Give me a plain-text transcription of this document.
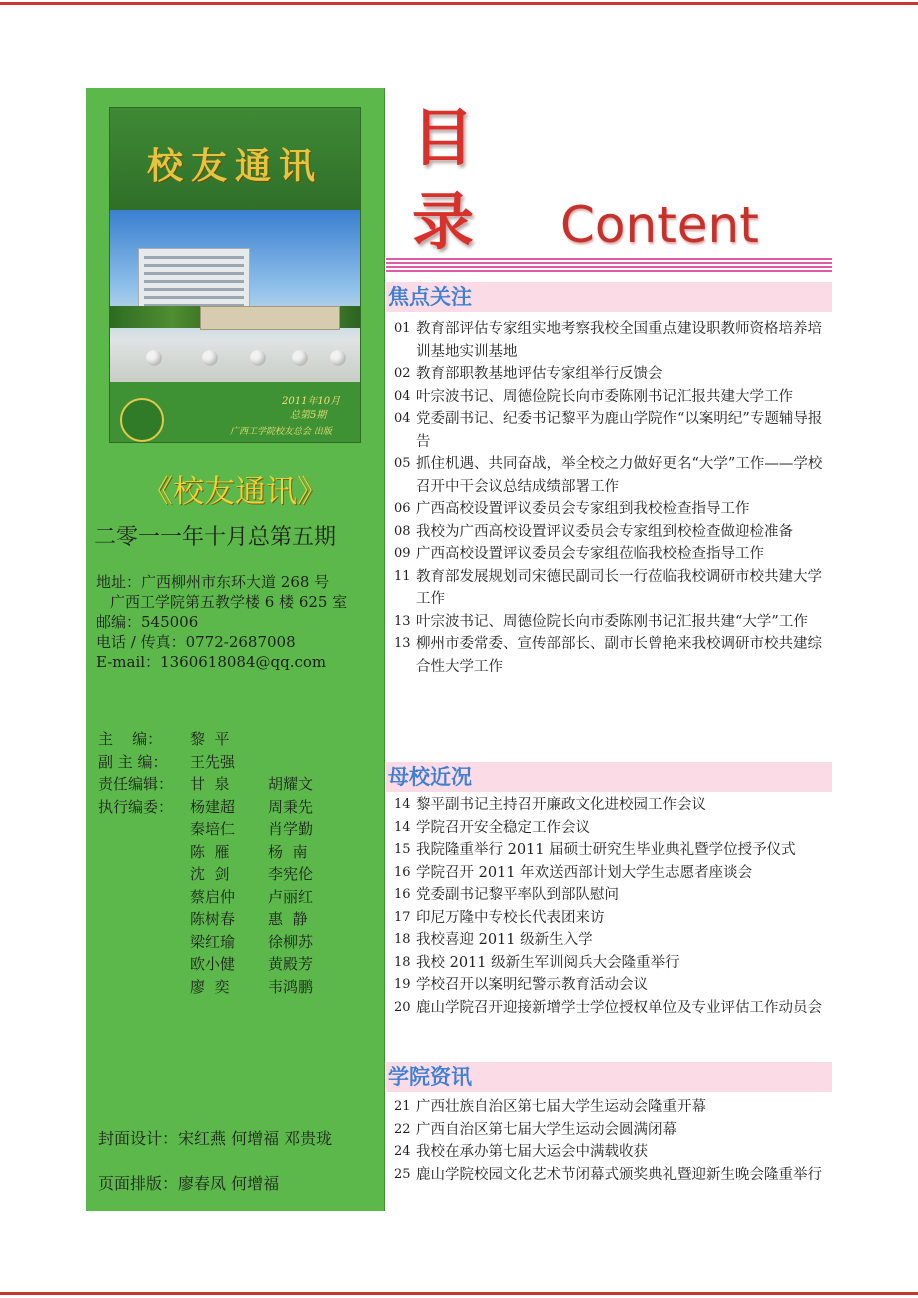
校友通讯
2011年10月
总第5期
广西工学院校友总会 出版
《校友通讯》
二零一一年十月总第五期
地址：广西柳州市东环大道 268 号
广西工学院第五教学楼 6 楼 625 室
邮编：545006
电话 / 传真：0772-2687008
E-mail：1360618084@qq.com
主    编：	黎  平
副 主 编：	王先强
责任编辑：	甘  泉	胡耀文
执行编委：	杨建超	周秉先
秦培仁	肖学勤
陈  雁	杨  南
沈  剑	李宪伦
蔡启仲	卢丽红
陈树春	惠  静
梁红瑜	徐柳苏
欧小健	黄殿芳
廖  奕	韦鸿鹏
封面设计：宋红燕 何增福 邓贵珑
页面排版：廖春凤 何增福
目
录	Content
焦点关注
01 教育部评估专家组实地考察我校全国重点建设职教师资格培养培训基地实训基地
02 教育部职教基地评估专家组举行反馈会
04 叶宗波书记、周德俭院长向市委陈刚书记汇报共建大学工作
04 党委副书记、纪委书记黎平为鹿山学院作“以案明纪”专题辅导报告
05 抓住机遇、共同奋战，举全校之力做好更名“大学”工作——学校召开中干会议总结成绩部署工作
06 广西高校设置评议委员会专家组到我校检查指导工作
08 我校为广西高校设置评议委员会专家组到校检查做迎检准备
09 广西高校设置评议委员会专家组莅临我校检查指导工作
11 教育部发展规划司宋德民副司长一行莅临我校调研市校共建大学工作
13 叶宗波书记、周德俭院长向市委陈刚书记汇报共建“大学”工作
13 柳州市委常委、宣传部部长、副市长曾艳来我校调研市校共建综合性大学工作
母校近况
14 黎平副书记主持召开廉政文化进校园工作会议
14 学院召开安全稳定工作会议
15 我院隆重举行 2011 届硕士研究生毕业典礼暨学位授予仪式
16 学院召开 2011 年欢送西部计划大学生志愿者座谈会
16 党委副书记黎平率队到部队慰问
17 印尼万隆中专校长代表团来访
18 我校喜迎 2011 级新生入学
18 我校 2011 级新生军训阅兵大会隆重举行
19 学校召开以案明纪警示教育活动会议
20 鹿山学院召开迎接新增学士学位授权单位及专业评估工作动员会
学院资讯
21 广西壮族自治区第七届大学生运动会隆重开幕
22 广西自治区第七届大学生运动会圆满闭幕
24 我校在承办第七届大运会中满载收获
25 鹿山学院校园文化艺术节闭幕式颁奖典礼暨迎新生晚会隆重举行
